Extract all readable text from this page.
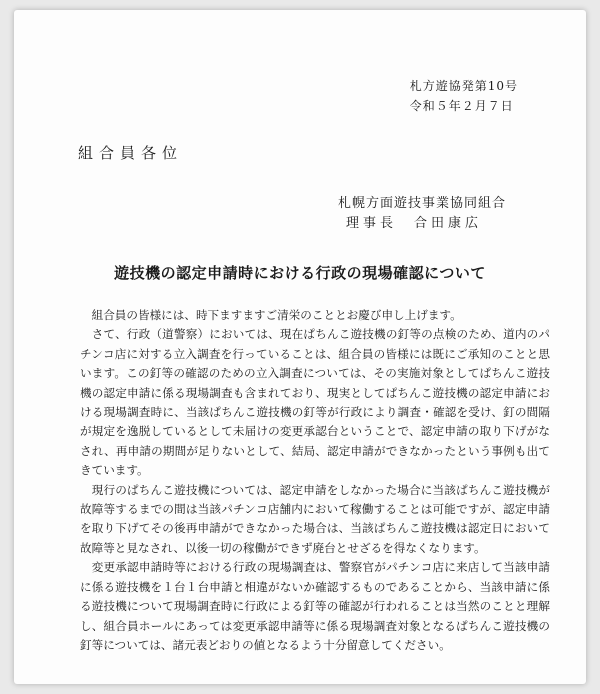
札方遊協発第10号
令和５年２月７日
組合員各位
札幌方面遊技事業協同組合
理事長　合田康広
遊技機の認定申請時における行政の現場確認について

　組合員の皆様には、時下ますますご清栄のこととお慶び申し上げます。

　さて、行政（道警察）においては、現在ぱちんこ遊技機の釘等の点検のため、道内のパチンコ店に対する立入調査を行っていることは、組合員の皆様には既にご承知のことと思います。この釘等の確認のための立入調査については、その実施対象としてぱちんこ遊技機の認定申請に係る現場調査も含まれており、現実としてぱちんこ遊技機の認定申請における現場調査時に、当該ぱちんこ遊技機の釘等が行政により調査・確認を受け、釘の間隔が規定を逸脱しているとして未届けの変更承認台ということで、認定申請の取り下げがなされ、再申請の期間が足りないとして、結局、認定申請ができなかったという事例も出てきています。

　現行のぱちんこ遊技機については、認定申請をしなかった場合に当該ぱちんこ遊技機が故障等するまでの間は当該パチンコ店舗内において稼働することは可能ですが、認定申請を取り下げてその後再申請ができなかった場合は、当該ぱちんこ遊技機は認定日において故障等と見なされ、以後一切の稼働ができず廃台とせざるを得なくなります。

　変更承認申請時等における行政の現場調査は、警察官がパチンコ店に来店して当該申請に係る遊技機を１台１台申請と相違がないか確認するものであることから、当該申請に係る遊技機について現場調査時に行政による釘等の確認が行われることは当然のことと理解し、組合員ホールにあっては変更承認申請等に係る現場調査対象となるぱちんこ遊技機の釘等については、諸元表どおりの値となるよう十分留意してください。
